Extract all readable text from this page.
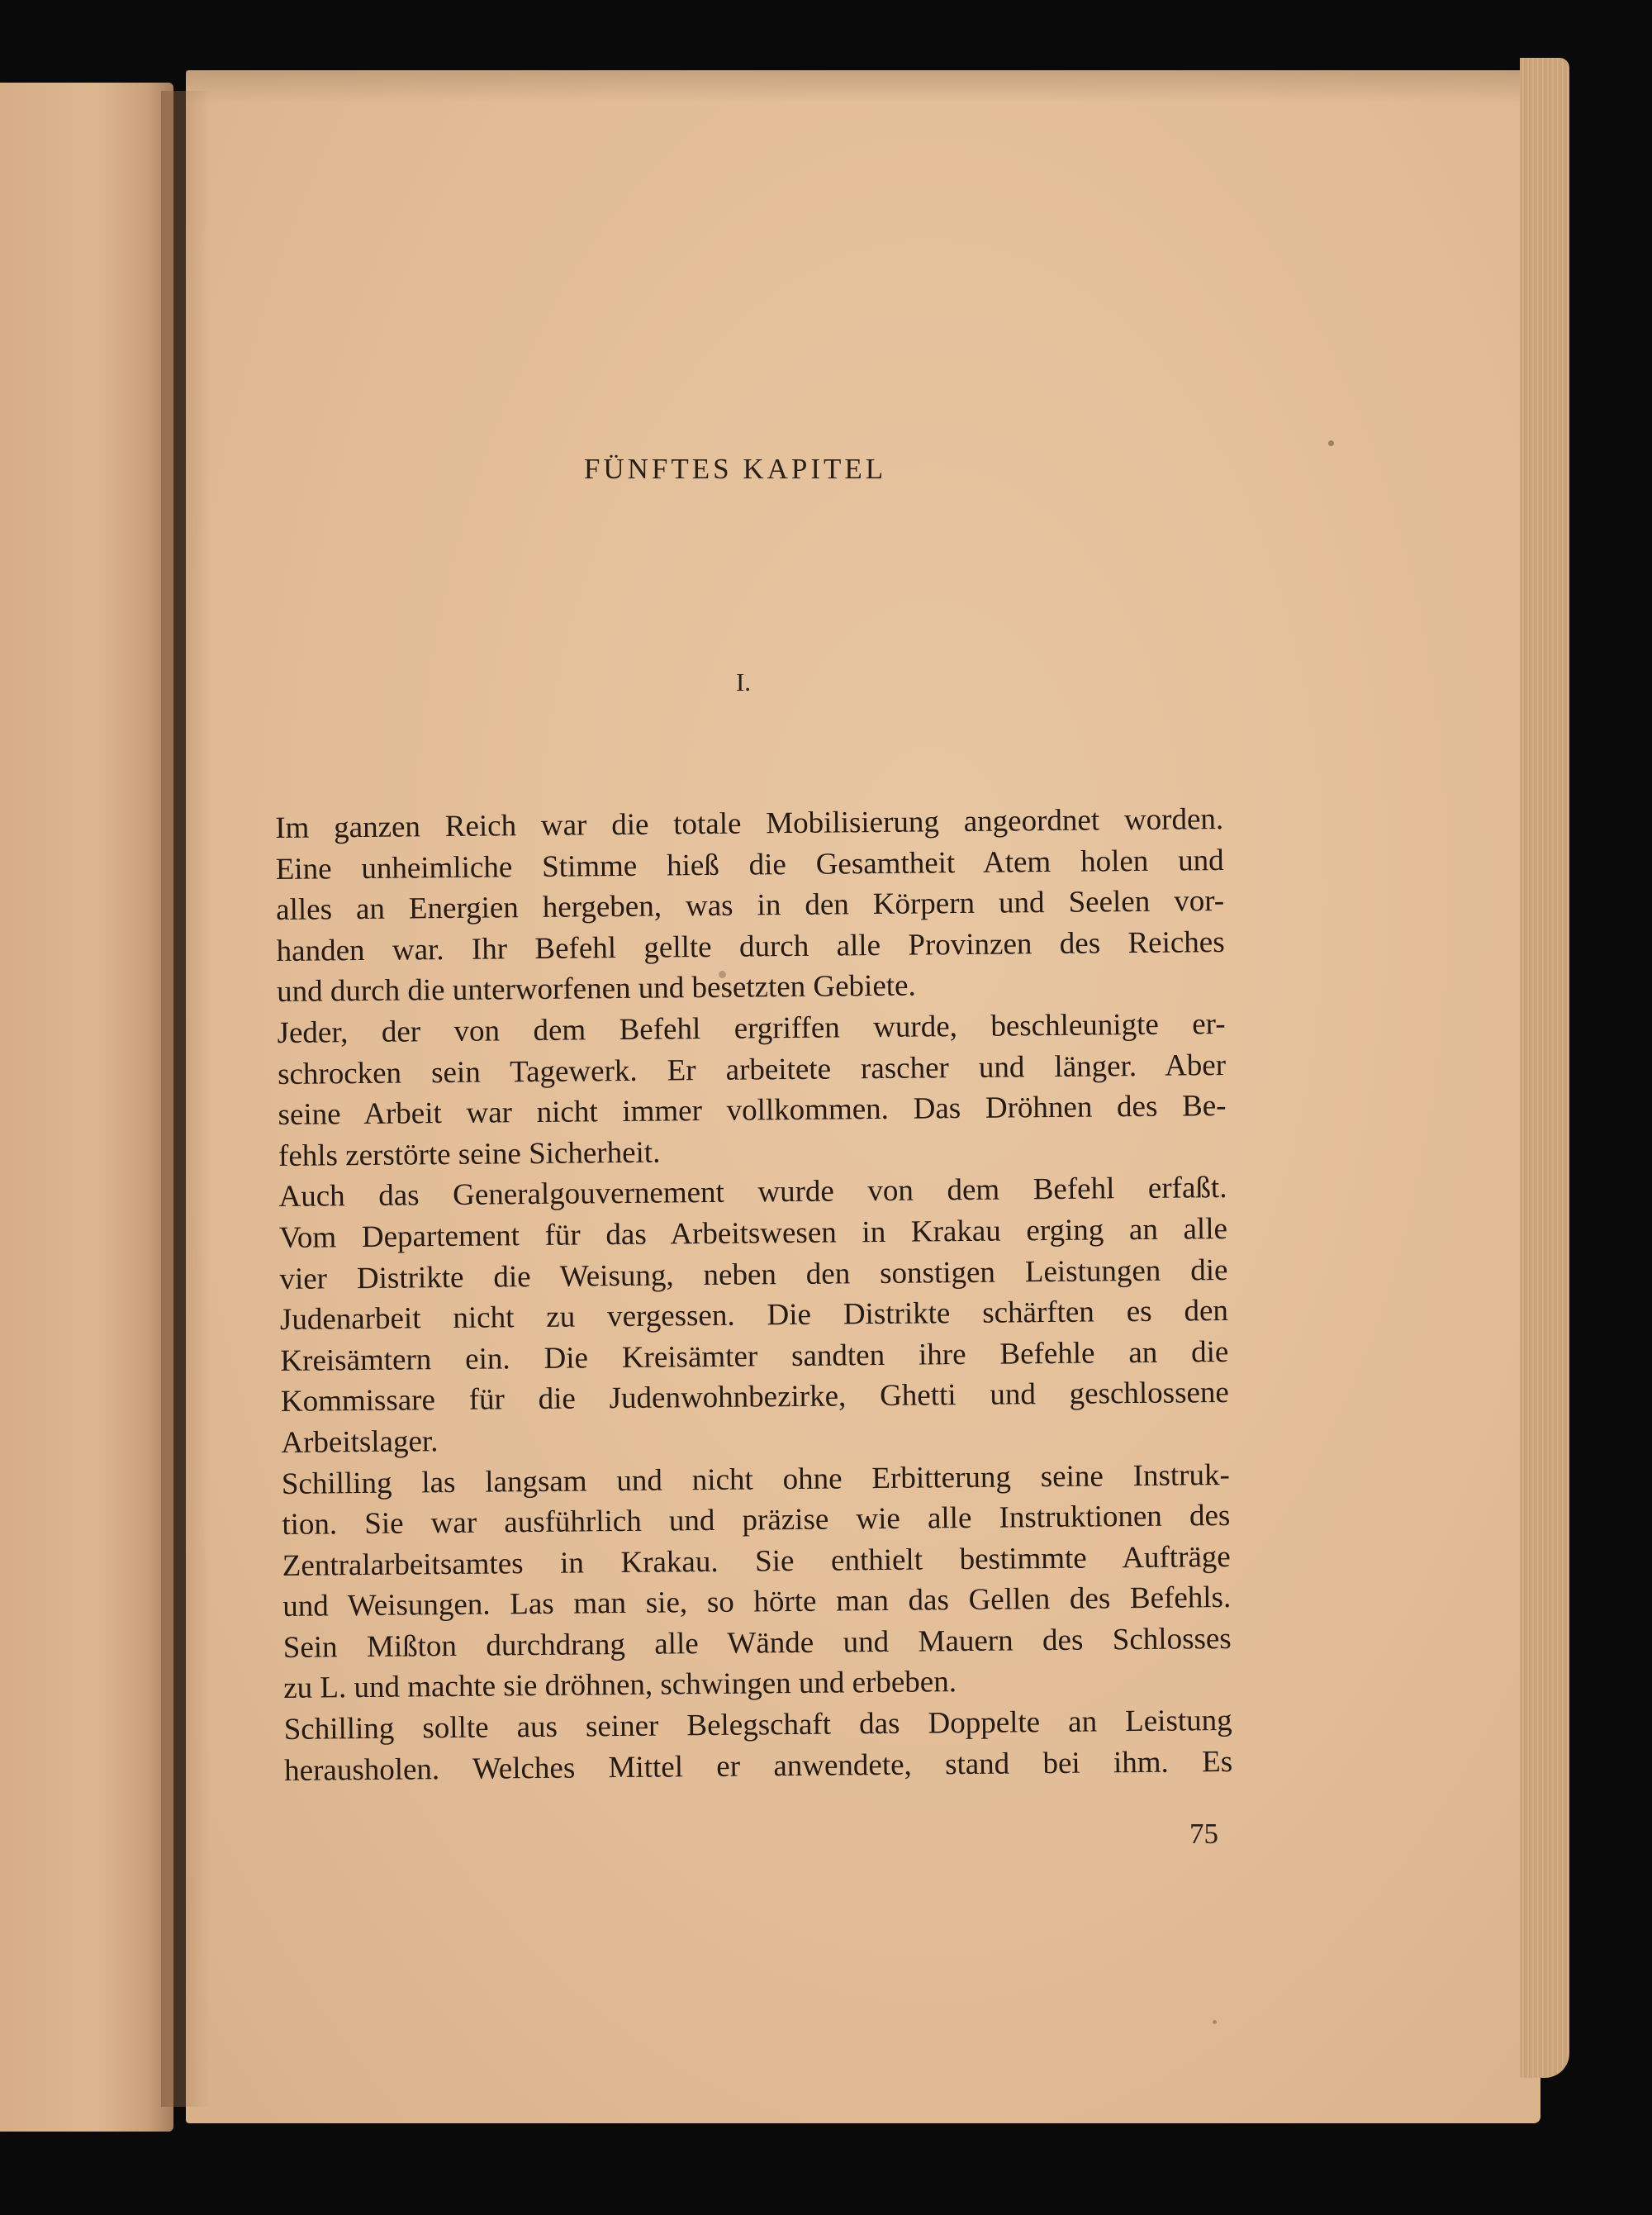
FÜNFTES KAPITEL
I.
Im ganzen Reich war die totale Mobilisierung angeordnet worden.
Eine unheimliche Stimme hieß die Gesamtheit Atem holen und
alles an Energien hergeben, was in den Körpern und Seelen vor-
handen war. Ihr Befehl gellte durch alle Provinzen des Reiches
und durch die unterworfenen und besetzten Gebiete.
Jeder, der von dem Befehl ergriffen wurde, beschleunigte er-
schrocken sein Tagewerk. Er arbeitete rascher und länger. Aber
seine Arbeit war nicht immer vollkommen. Das Dröhnen des Be-
fehls zerstörte seine Sicherheit.
Auch das Generalgouvernement wurde von dem Befehl erfaßt.
Vom Departement für das Arbeitswesen in Krakau erging an alle
vier Distrikte die Weisung, neben den sonstigen Leistungen die
Judenarbeit nicht zu vergessen. Die Distrikte schärften es den
Kreisämtern ein. Die Kreisämter sandten ihre Befehle an die
Kommissare für die Judenwohnbezirke, Ghetti und geschlossene
Arbeitslager.
Schilling las langsam und nicht ohne Erbitterung seine Instruk-
tion. Sie war ausführlich und präzise wie alle Instruktionen des
Zentralarbeitsamtes in Krakau. Sie enthielt bestimmte Aufträge
und Weisungen. Las man sie, so hörte man das Gellen des Befehls.
Sein Mißton durchdrang alle Wände und Mauern des Schlosses
zu L. und machte sie dröhnen, schwingen und erbeben.
Schilling sollte aus seiner Belegschaft das Doppelte an Leistung
herausholen. Welches Mittel er anwendete, stand bei ihm. Es
75
